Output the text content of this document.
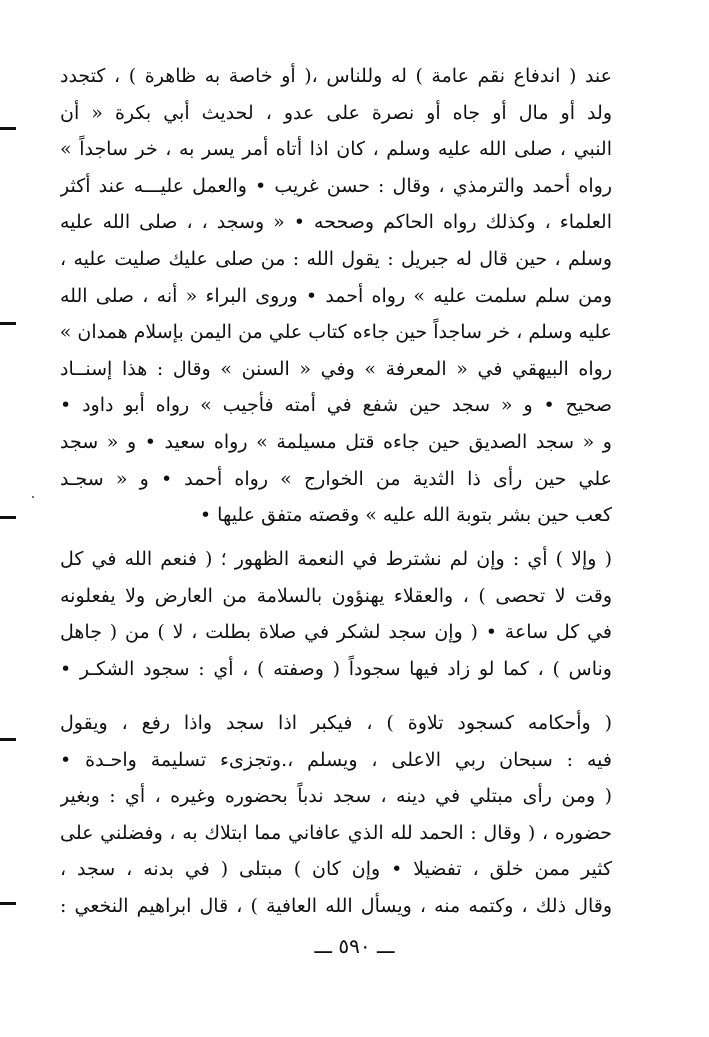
عند ( اندفاع نقم عامة ) له وللناس ،( أو خاصة به ظاهرة ) ، كتجدد
ولد أو مال أو جاه أو نصرة على عدو ، لحديث أبي بكرة « أن
النبي ، صلى الله عليه وسلم ، كان اذا أتاه أمر يسر به ، خر ساجداً »
رواه أحمد والترمذي ، وقال : حسن غريب • والعمل عليـــه عند أكثر
العلماء ، وكذلك رواه الحاكم وصححه • « وسجد ، ، صلى الله عليه
وسلم ، حين قال له جبريل : يقول الله : من صلى عليك صليت عليه ،
ومن سلم سلمت عليه » رواه أحمد • وروى البراء « أنه ، صلى الله
عليه وسلم ، خر ساجداً حين جاءه كتاب علي من اليمن بإسلام همدان »
رواه البيهقي في « المعرفة » وفي « السنن » وقال : هذا إسنــاد
صحيح • و « سجد حين شفع في أمته فأجيب » رواه أبو داود •
و « سجد الصديق حين جاءه قتل مسيلمة » رواه سعيد • و « سجد
علي حين رأى ذا الثدية من الخوارج » رواه أحمد • و « سجـد
كعب حين بشر بتوبة الله عليه » وقصته متفق عليها •
( وإلا ) أي : وإن لم نشترط في النعمة الظهور ؛ ( فنعم الله في كل
وقت لا تحصى ) ، والعقلاء يهنؤون بالسلامة من العارض ولا يفعلونه
في كل ساعة • ( وإن سجد لشكر في صلاة بطلت ، لا ) من ( جاهل
وناس ) ، كما لو زاد فيها سجوداً ( وصفته ) ، أي : سجود الشكـر •
( وأحكامه كسجود تلاوة ) ، فيكبر اذا سجد واذا رفع ، ويقول
فيه : سبحان ربي الاعلى ، ويسلم ،.وتجزىء تسليمة واحـدة •
( ومن رأى مبتلي في دينه ، سجد ندباً بحضوره وغيره ، أي : وبغير
حضوره ، ( وقال : الحمد لله الذي عافاني مما ابتلاك به ، وفضلني على
كثير ممن خلق ، تفضيلا • وإن كان ) مبتلى ( في بدنه ، سجد ،
وقال ذلك ، وكتمه منه ، ويسأل الله العافية ) ، قال ابراهيم النخعي :
ـــ ٥٩٠ ـــ
